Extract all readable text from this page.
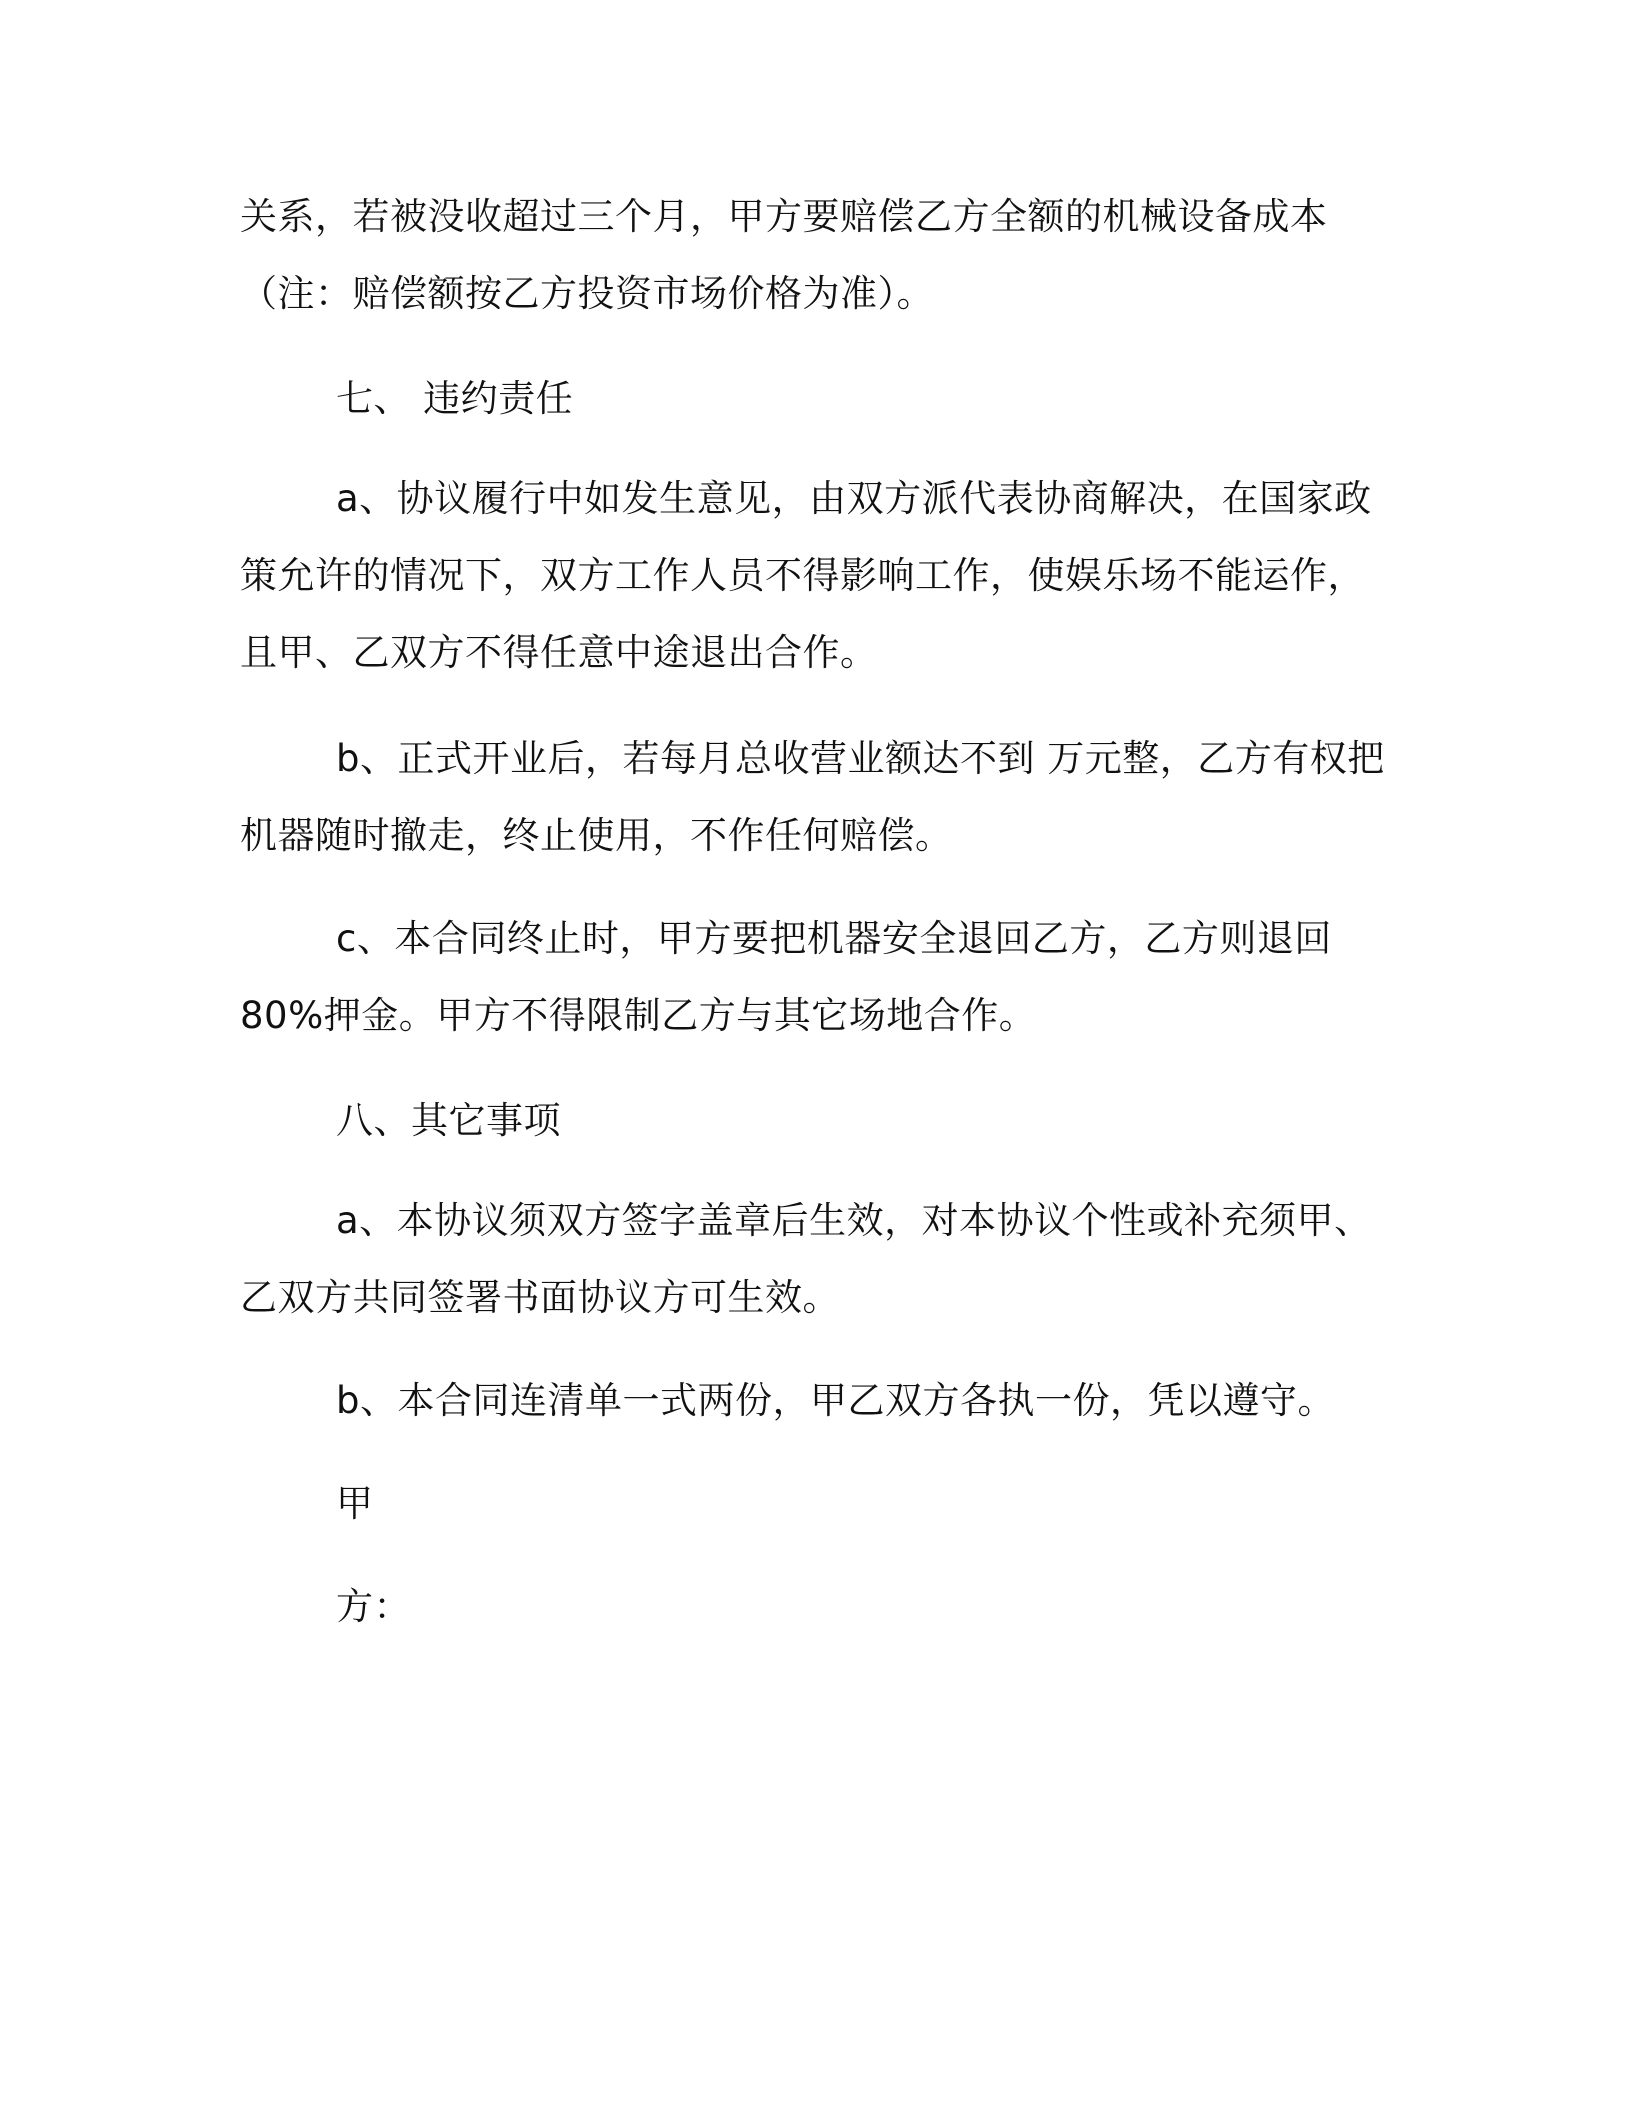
关系，若被没收超过三个月，甲方要赔偿乙方全额的机械设备成本
（注：赔偿额按乙方投资市场价格为准）。
七、 违约责任
a、协议履行中如发生意见，由双方派代表协商解决，在国家政
策允许的情况下，双方工作人员不得影响工作，使娱乐场不能运作，
且甲、乙双方不得任意中途退出合作。
b、正式开业后，若每月总收营业额达不到 万元整，乙方有权把
机器随时撤走，终止使用，不作任何赔偿。
c、本合同终止时，甲方要把机器安全退回乙方，乙方则退回
80%押金。甲方不得限制乙方与其它场地合作。
八、其它事项
a、本协议须双方签字盖章后生效，对本协议个性或补充须甲、
乙双方共同签署书面协议方可生效。
b、本合同连清单一式两份，甲乙双方各执一份，凭以遵守。
甲
方：
